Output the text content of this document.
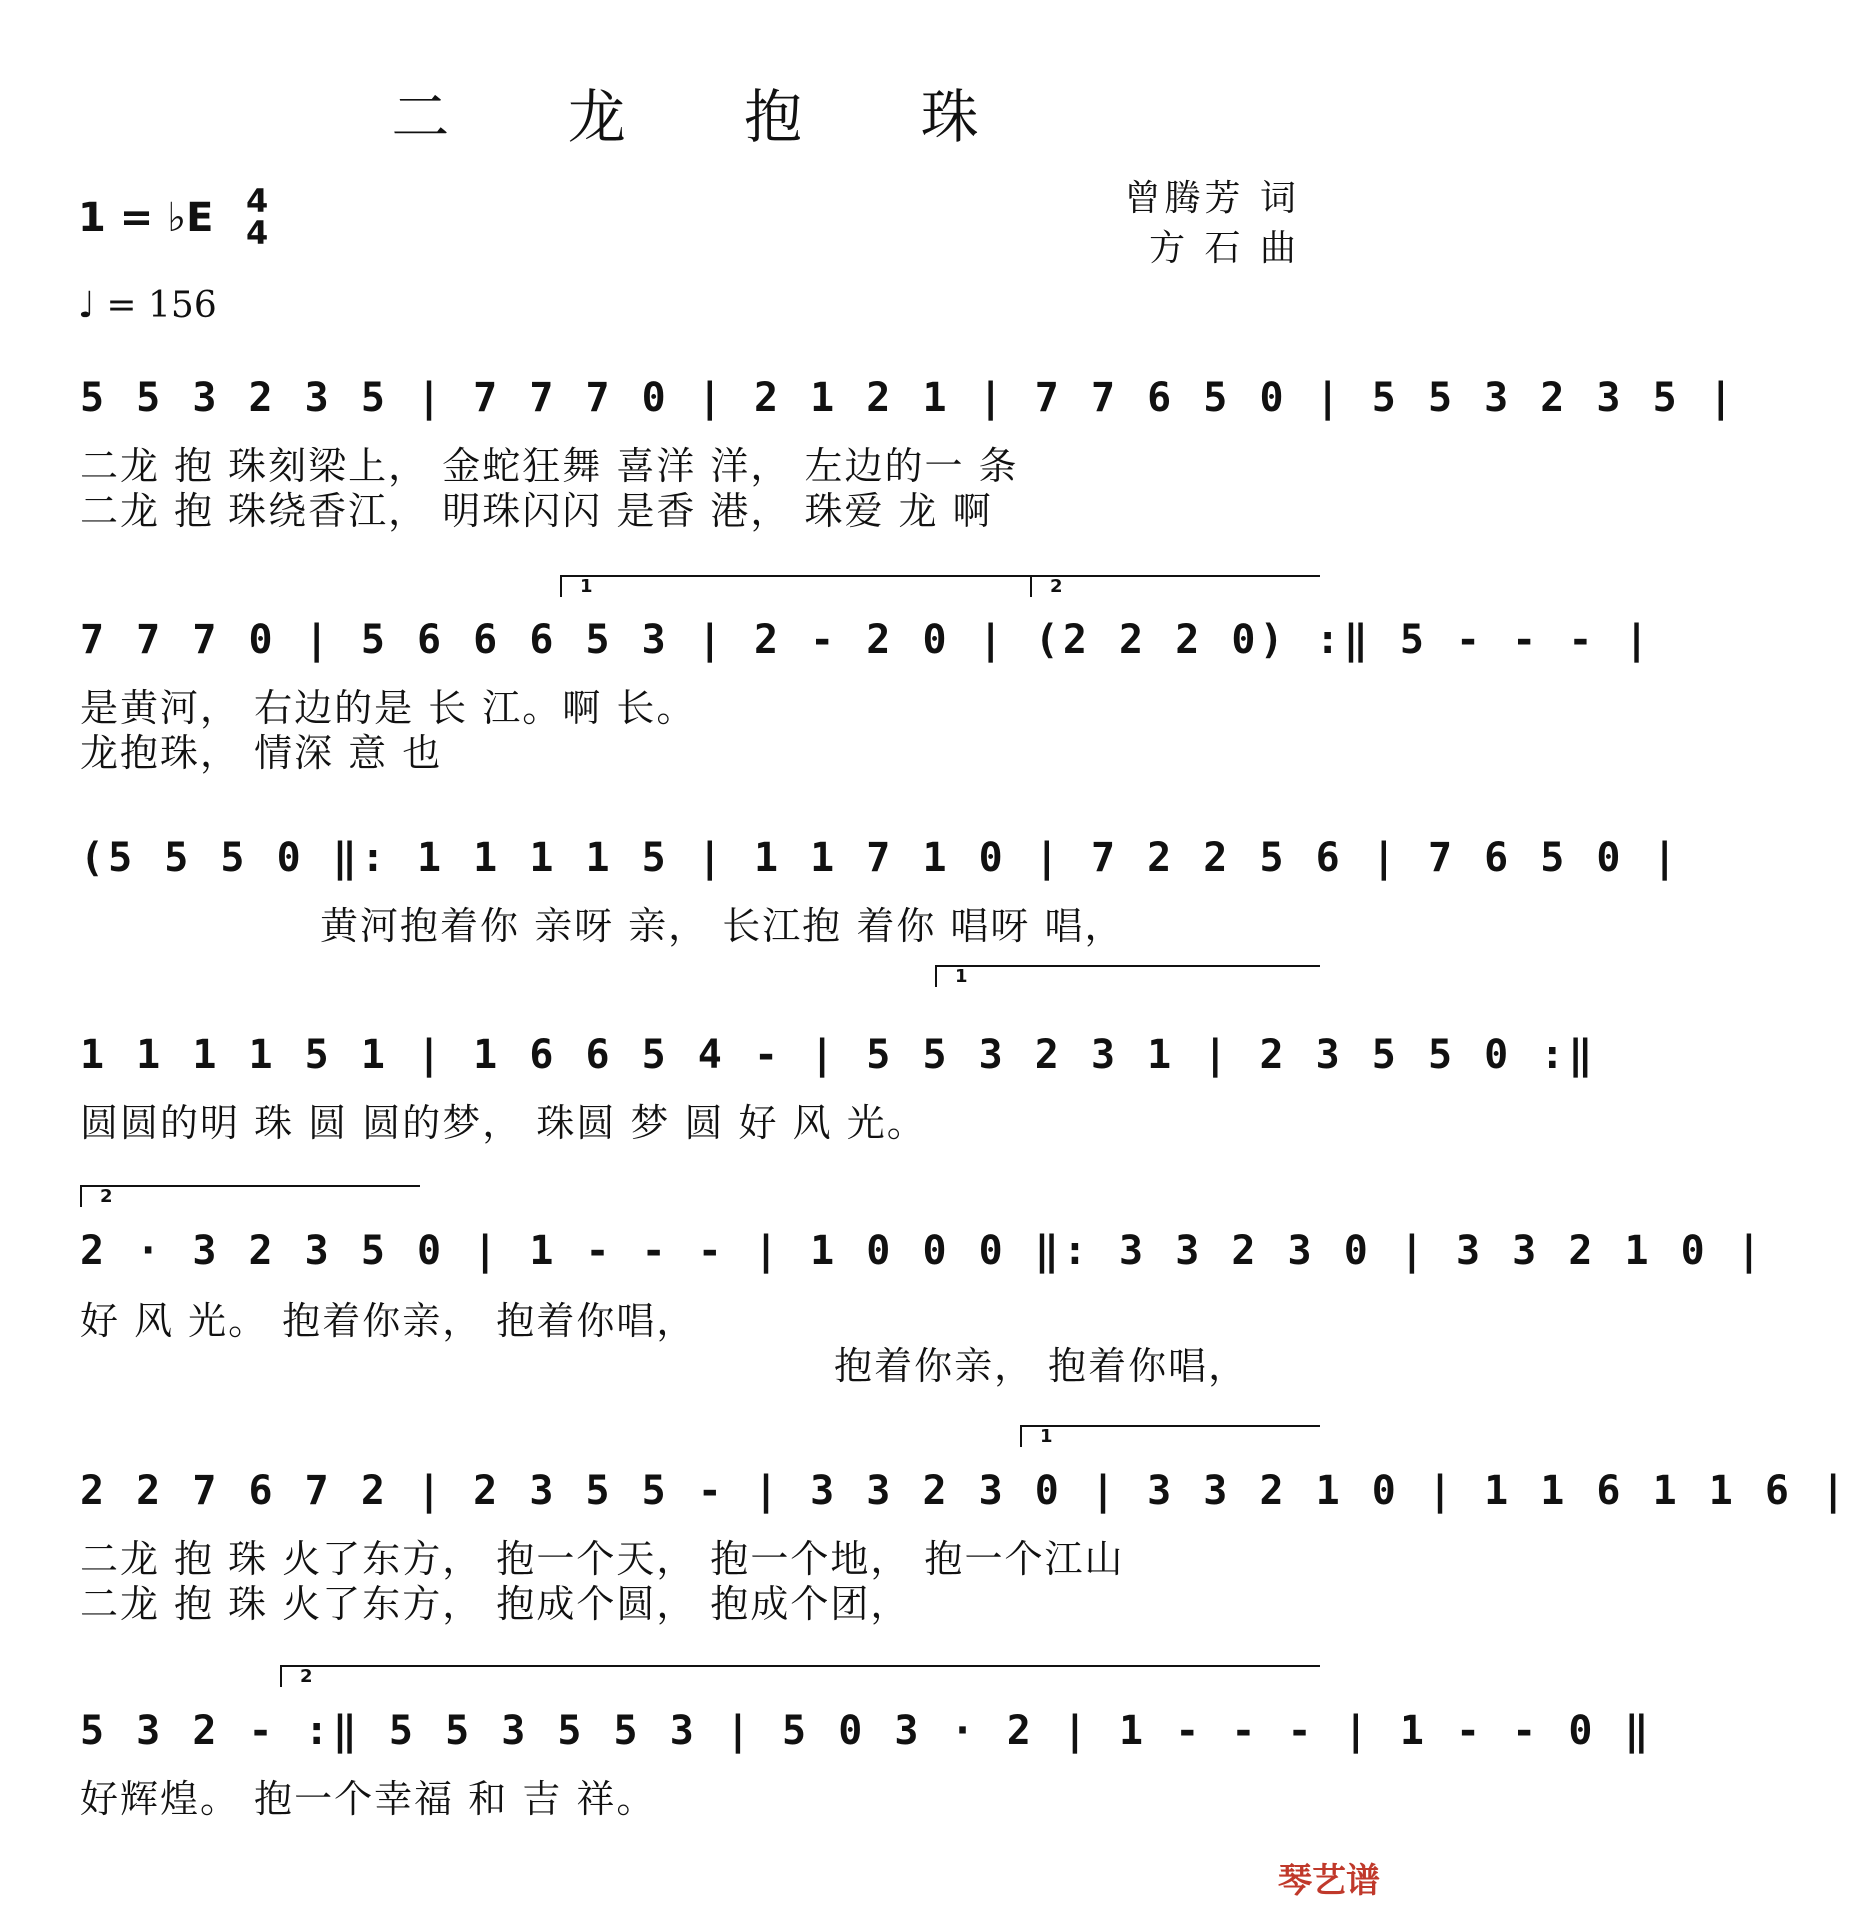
二 龙 抱 珠
1 = ♭E 4
4
曾腾芳 词
方 石 曲
♩ = 156
5 5 3 2 3 5 | 7 7 7 0 | 2 1 2 1 | 7 7 6 5 0 | 5 5 3 2 3 5 |
二龙 抱 珠刻梁上， 金蛇狂舞 喜洋 洋， 左边的一 条
二龙 抱 珠绕香江， 明珠闪闪 是香 港， 珠爱 龙 啊
1	2
7 7 7 0 | 5 6 6 6 5 3 | 2 - 2 0 | (2 2 2 0) :‖ 5 - - - |
是黄河， 右边的是 长 江。啊 长。
龙抱珠， 情深 意 也
(5 5 5 0 ‖: 1 1 1 1 5 | 1 1 7 1 0 | 7 2 2 5 6 | 7 6 5 0 |
黄河抱着你 亲呀 亲， 长江抱 着你 唱呀 唱，
1
1 1 1 1 5 1 | 1 6 6 5 4 - | 5 5 3 2 3 1 | 2 3 5 5 0 :‖
圆圆的明 珠 圆 圆的梦， 珠圆 梦 圆 好 风 光。
2
2 · 3 2 3 5 0 | 1 - - - | 1 0 0 0 ‖: 3 3 2 3 0 | 3 3 2 1 0 |
好 风 光。 抱着你亲， 抱着你唱，
抱着你亲， 抱着你唱，
1
2 2 7 6 7 2 | 2 3 5 5 - | 3 3 2 3 0 | 3 3 2 1 0 | 1 1 6 1 1 6 |
二龙 抱 珠 火了东方， 抱一个天， 抱一个地， 抱一个江山
二龙 抱 珠 火了东方， 抱成个圆， 抱成个团，
2
5 3 2 - :‖ 5 5 3 5 5 3 | 5 0 3 · 2 | 1 - - - | 1 - - 0 ‖
好辉煌。 抱一个幸福 和 吉 祥。
琴艺谱
